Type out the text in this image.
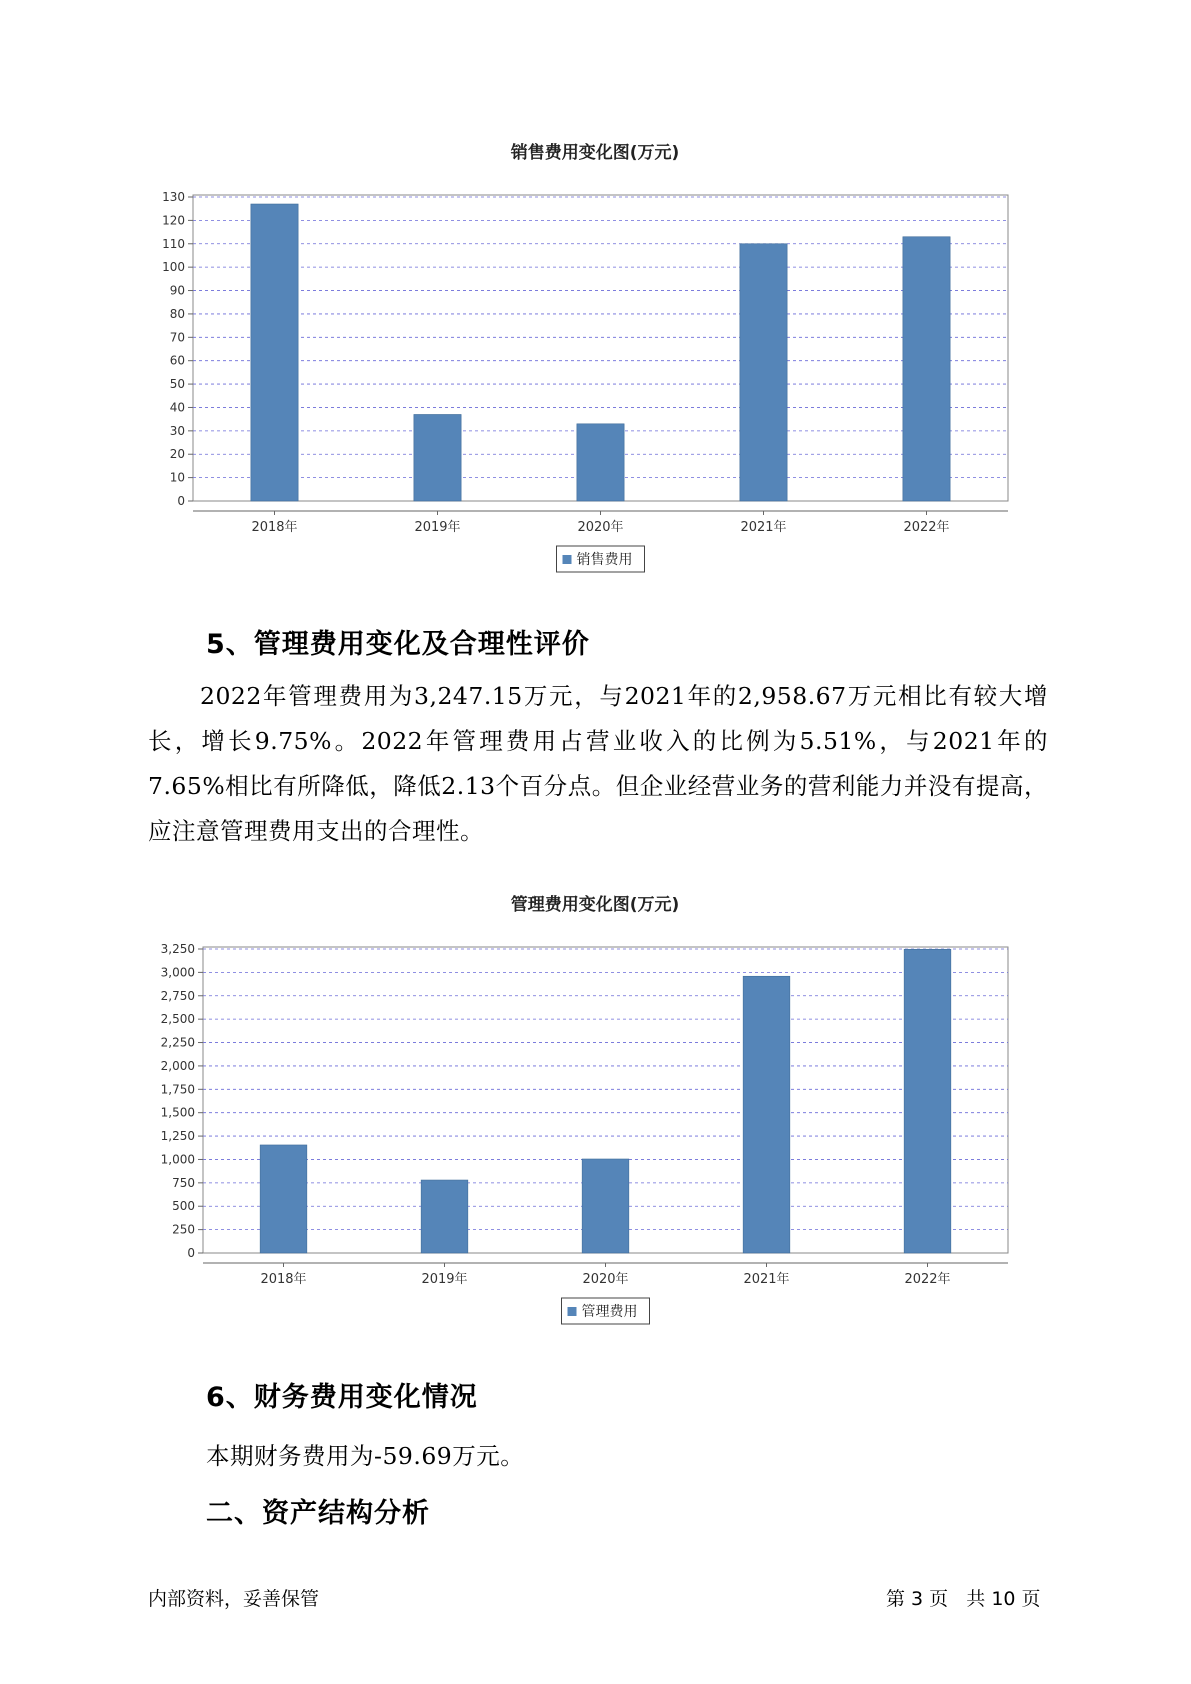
销售费用变化图(万元)
0
10
20
30
40
50
60
70
80
90
100
110
120
130
2018年	2019年	2020年	2021年	2022年
销售费用
5、管理费用变化及合理性评价

2022年管理费用为3,247.15万元，与2021年的2,958.67万元相比有较大增长，增长9.75%。2022年管理费用占营业收入的比例为5.51%，与2021年的7.65%相比有所降低，降低2.13个百分点。但企业经营业务的营利能力并没有提高，应注意管理费用支出的合理性。

管理费用变化图(万元)
0
250
500
750
1,000
1,250
1,500
1,750
2,000
2,250
2,500
2,750
3,000
3,250
2018年	2019年	2020年	2021年	2022年
管理费用
6、财务费用变化情况

本期财务费用为-59.69万元。

二、资产结构分析
内部资料，妥善保管	第 3 页   共 10 页
